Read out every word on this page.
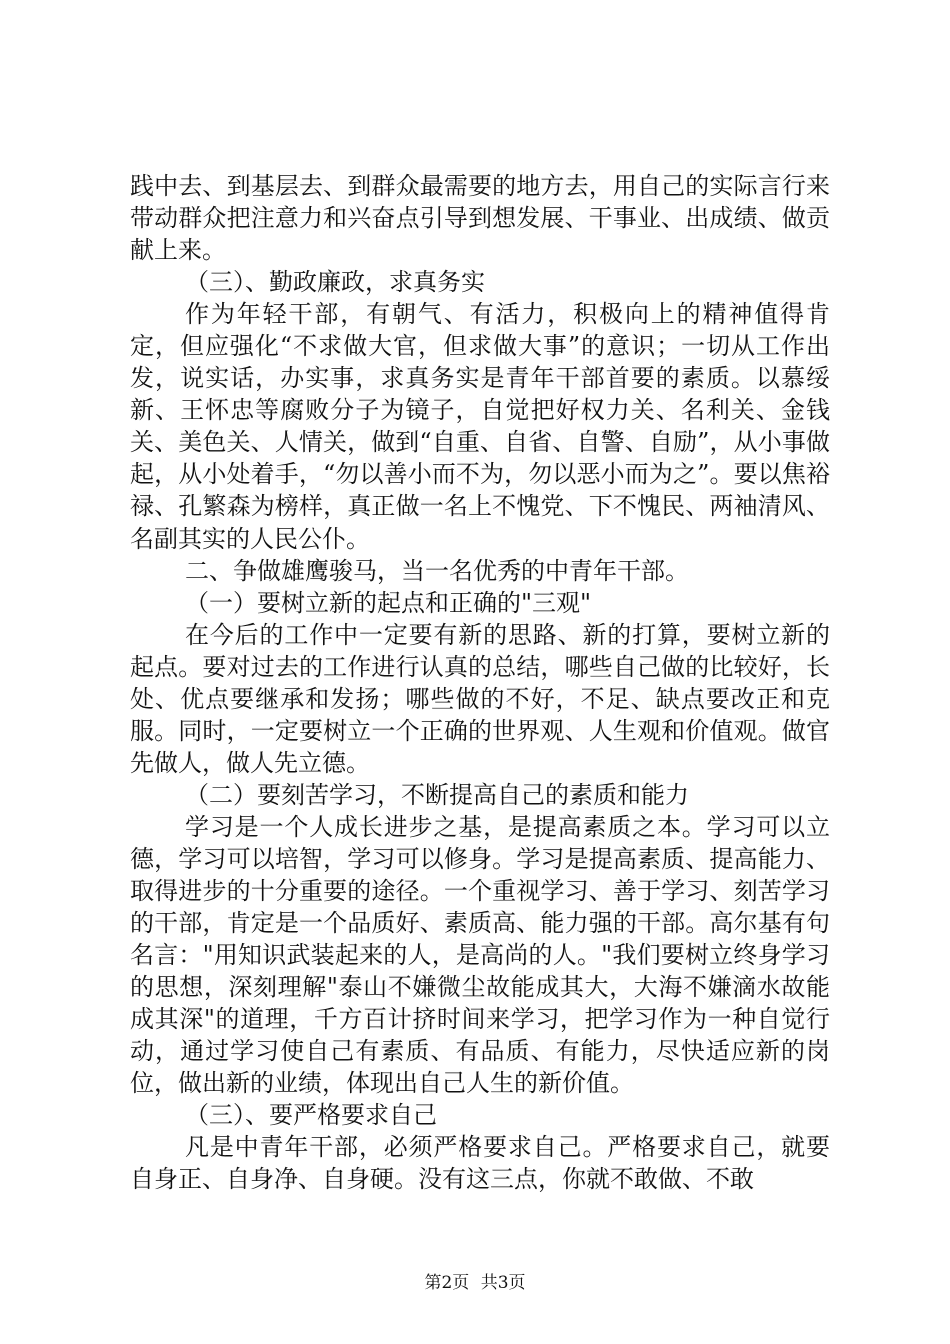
践中去、到基层去、到群众最需要的地方去，用自己的实际言行来带动群众把注意力和兴奋点引导到想发展、干事业、出成绩、做贡献上来。

（三）、勤政廉政，求真务实

作为年轻干部，有朝气、有活力，积极向上的精神值得肯定，但应强化“不求做大官，但求做大事”的意识；一切从工作出发，说实话，办实事，求真务实是青年干部首要的素质。以慕绥新、王怀忠等腐败分子为镜子，自觉把好权力关、名利关、金钱关、美色关、人情关，做到“自重、自省、自警、自励”，从小事做起，从小处着手，“勿以善小而不为，勿以恶小而为之”。要以焦裕禄、孔繁森为榜样，真正做一名上不愧党、下不愧民、两袖清风、名副其实的人民公仆。

二、争做雄鹰骏马，当一名优秀的中青年干部。

（一）要树立新的起点和正确的"三观"

在今后的工作中一定要有新的思路、新的打算，要树立新的起点。要对过去的工作进行认真的总结，哪些自己做的比较好，长处、优点要继承和发扬；哪些做的不好，不足、缺点要改正和克服。同时，一定要树立一个正确的世界观、人生观和价值观。做官先做人，做人先立德。

（二）要刻苦学习，不断提高自己的素质和能力

学习是一个人成长进步之基，是提高素质之本。学习可以立德，学习可以培智，学习可以修身。学习是提高素质、提高能力、取得进步的十分重要的途径。一个重视学习、善于学习、刻苦学习的干部，肯定是一个品质好、素质高、能力强的干部。高尔基有句名言："用知识武装起来的人，是高尚的人。"我们要树立终身学习的思想，深刻理解"泰山不嫌微尘故能成其大，大海不嫌滴水故能成其深"的道理，千方百计挤时间来学习，把学习作为一种自觉行动，通过学习使自己有素质、有品质、有能力，尽快适应新的岗位，做出新的业绩，体现出自己人生的新价值。

（三）、要严格要求自己

凡是中青年干部，必须严格要求自己。严格要求自己，就要自身正、自身净、自身硬。没有这三点，你就不敢做、不敢

第2页 共3页
